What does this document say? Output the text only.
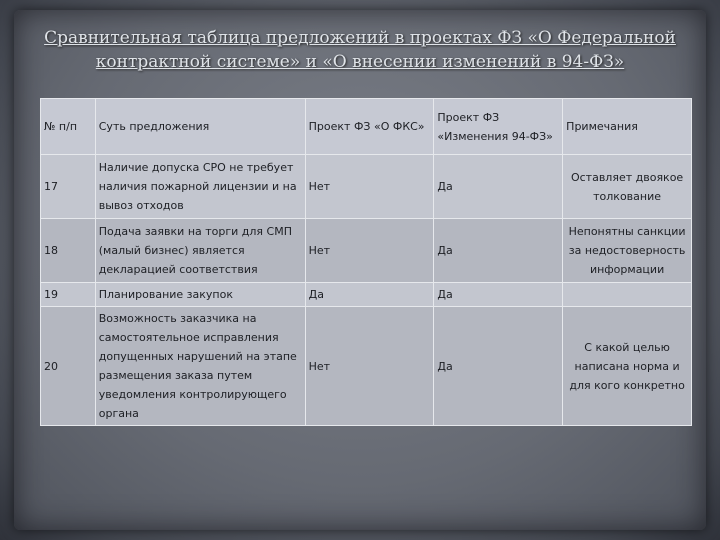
Сравнительная таблица предложений в проектах ФЗ «О Федеральной контрактной системе» и «О внесении изменений в 94-ФЗ»
№ п/п	Суть предложения	Проект ФЗ «О ФКС»	Проект ФЗ «Изменения 94-ФЗ»	Примечания
17	Наличие допуска СРО не требует наличия пожарной лицензии и на вывоз отходов	Нет	Да	Оставляет двоякое толкование
18	Подача заявки на торги для СМП (малый бизнес) является декларацией соответствия	Нет	Да	Непонятны санкции за недостоверность информации
19	Планирование закупок	Да	Да	
20	Возможность заказчика на самостоятельное исправления допущенных нарушений на этапе размещения заказа путем уведомления контролирующего органа	Нет	Да	С какой целью написана норма и для кого конкретно
